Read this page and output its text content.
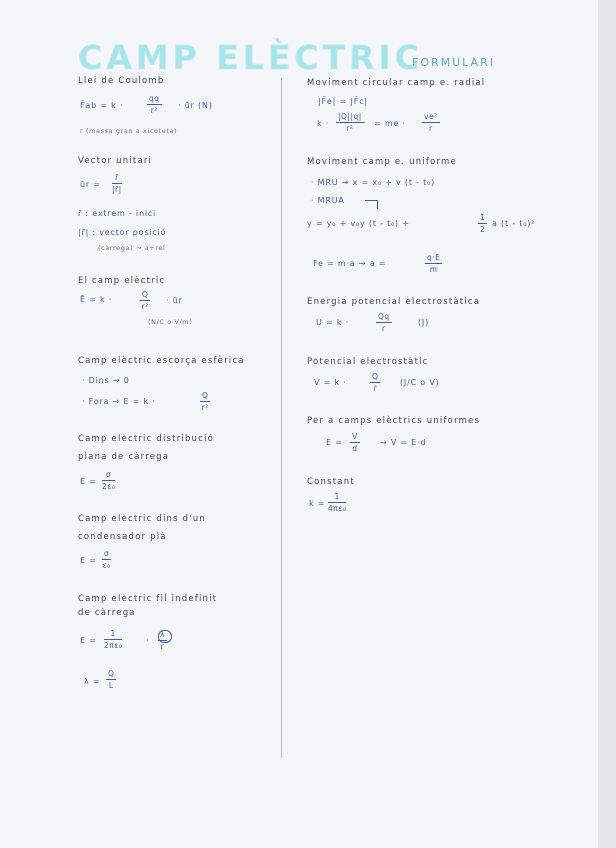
CAMP ELÈCTRIC
FORMULARI
Llei de Coulomb
F̄ab = k ·	$\frac{qq}{\text{r²}}$ · ūr (N)
r (massa gran a xicoteta)
Vector unitari
ūr = $\frac{r̄}{|r̄|}$
r̄ : extrem - inici
|r̄| : vector posició
(càrrega) → a+rel
El camp elèctric
Ē = k ·	$\frac{Q}{\text{r²}}$ · ūr
(N/C o V/m)
Camp elèctric escorça esfèrica
· Dins → 0
· Fora → E = k ·	$\frac{Q}{\text{r²}}$
Camp elèctric distribució
plana de càrrega
$E = \frac{\sigma}{\text{2ε₀}}$
Camp elèctric dins d'un
condensador plà
$E = \frac{\sigma}{\text{ε₀}}$
Camp elèctric fil indefinit
de càrrega
$E = \frac{1}{\text{2πε₀}}$	· $\frac{\lambda}{r}$
$\lambda = \frac{Q}{L}$
Moviment circular camp e. radial
|F̄e| = |F̄c|
$k \cdot \frac{|Q||q|}{\text{r²}}$ = me · $\frac{\text{ve²}}{r}$
Moviment camp e. uniforme
· MRU → x = x₀ + v (t - t₀)
· MRUA
y = y₀ + v₀y (t - t₀) +	$\frac{1}{2}$ a (t - t₀)²
Fe = m·a → a =	$\frac{q\cdot E}{m}$
Energia potencial electrostàtica
U = k ·	$\frac{Qq}{r}$	(J)
Potencial electrostàtic
V = k ·	$\frac{Q}{r} (J/C$ o V)
Per a camps elèctrics uniformes
$E = \frac{V}{d}$	→ V = E·d
Constant
$k = \frac{1}{\text{4πε₀}}$
